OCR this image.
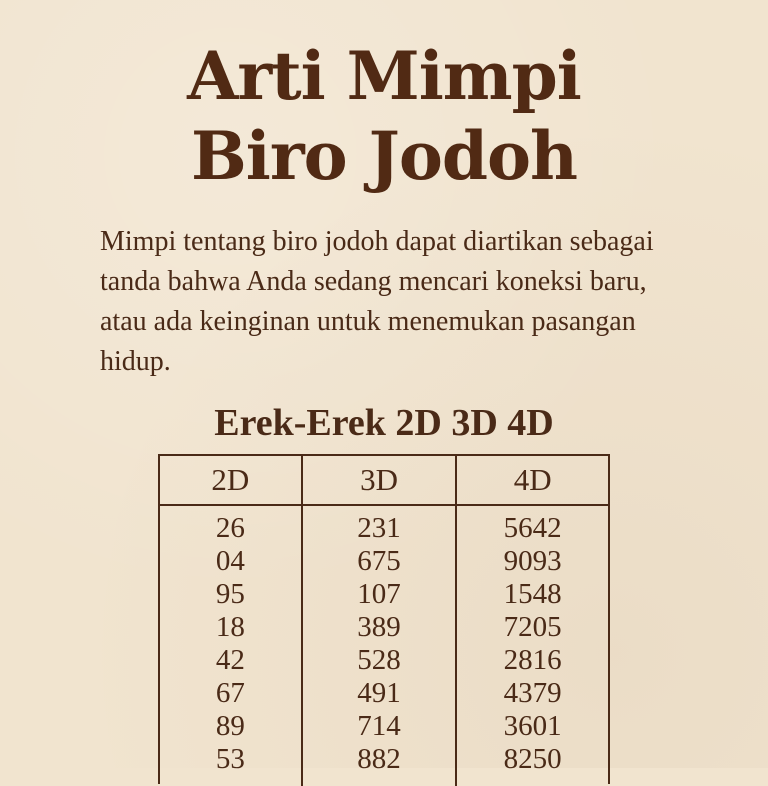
Arti Mimpi
Biro Jodoh

Mimpi tentang biro jodoh dapat diartikan sebagai tanda bahwa Anda sedang mencari koneksi baru, atau ada keinginan untuk menemukan pasangan hidup.

Erek-Erek 2D 3D 4D
2D	3D	4D
26
04
95
18
42
67
89
53
231
675
107
389
528
491
714
882
5642
9093
1548
7205
2816
4379
3601
8250
